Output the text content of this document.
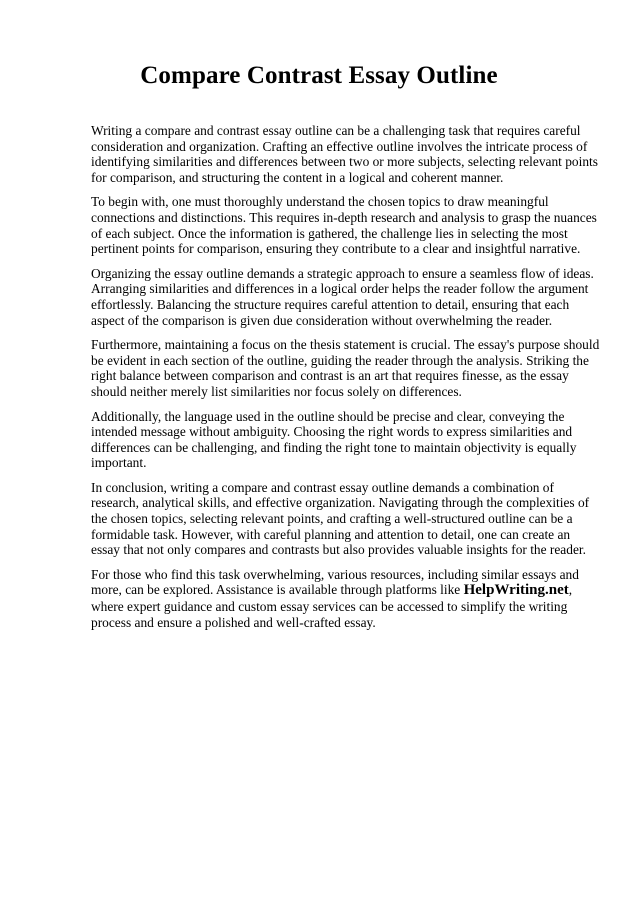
Compare Contrast Essay Outline

Writing a compare and contrast essay outline can be a challenging task that requires careful consideration and organization. Crafting an effective outline involves the intricate process of identifying similarities and differences between two or more subjects, selecting relevant points for comparison, and structuring the content in a logical and coherent manner.

To begin with, one must thoroughly understand the chosen topics to draw meaningful connections and distinctions. This requires in-depth research and analysis to grasp the nuances of each subject. Once the information is gathered, the challenge lies in selecting the most pertinent points for comparison, ensuring they contribute to a clear and insightful narrative.

Organizing the essay outline demands a strategic approach to ensure a seamless flow of ideas. Arranging similarities and differences in a logical order helps the reader follow the argument effortlessly. Balancing the structure requires careful attention to detail, ensuring that each aspect of the comparison is given due consideration without overwhelming the reader.

Furthermore, maintaining a focus on the thesis statement is crucial. The essay's purpose should be evident in each section of the outline, guiding the reader through the analysis. Striking the right balance between comparison and contrast is an art that requires finesse, as the essay should neither merely list similarities nor focus solely on differences.

Additionally, the language used in the outline should be precise and clear, conveying the intended message without ambiguity. Choosing the right words to express similarities and differences can be challenging, and finding the right tone to maintain objectivity is equally important.

In conclusion, writing a compare and contrast essay outline demands a combination of research, analytical skills, and effective organization. Navigating through the complexities of the chosen topics, selecting relevant points, and crafting a well-structured outline can be a formidable task. However, with careful planning and attention to detail, one can create an essay that not only compares and contrasts but also provides valuable insights for the reader.

For those who find this task overwhelming, various resources, including similar essays and more, can be explored. Assistance is available through platforms like HelpWriting.net, where expert guidance and custom essay services can be accessed to simplify the writing process and ensure a polished and well-crafted essay.
